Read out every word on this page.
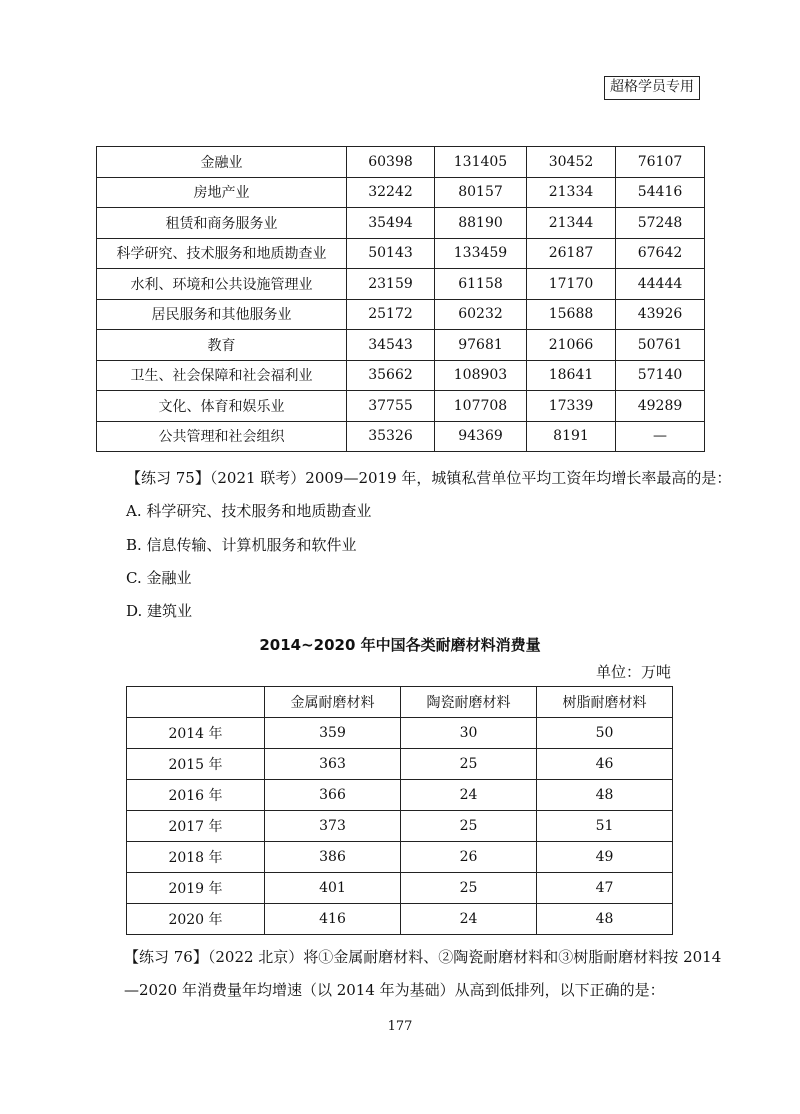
超格学员专用
金融业	60398	131405	30452	76107
房地产业	32242	80157	21334	54416
租赁和商务服务业	35494	88190	21344	57248
科学研究、技术服务和地质勘查业	50143	133459	26187	67642
水利、环境和公共设施管理业	23159	61158	17170	44444
居民服务和其他服务业	25172	60232	15688	43926
教育	34543	97681	21066	50761
卫生、社会保障和社会福利业	35662	108903	18641	57140
文化、体育和娱乐业	37755	107708	17339	49289
公共管理和社会组织	35326	94369	8191	—
【练习 75】（2021 联考）2009—2019 年，城镇私营单位平均工资年均增长率最高的是：
A. 科学研究、技术服务和地质勘查业
B. 信息传输、计算机服务和软件业
C. 金融业
D. 建筑业
2014~2020 年中国各类耐磨材料消费量
单位：万吨
	金属耐磨材料	陶瓷耐磨材料	树脂耐磨材料
2014 年	359	30	50
2015 年	363	25	46
2016 年	366	24	48
2017 年	373	25	51
2018 年	386	26	49
2019 年	401	25	47
2020 年	416	24	48
【练习 76】（2022 北京）将①金属耐磨材料、②陶瓷耐磨材料和③树脂耐磨材料按 2014
—2020 年消费量年均增速（以 2014 年为基础）从高到低排列，以下正确的是：
177
